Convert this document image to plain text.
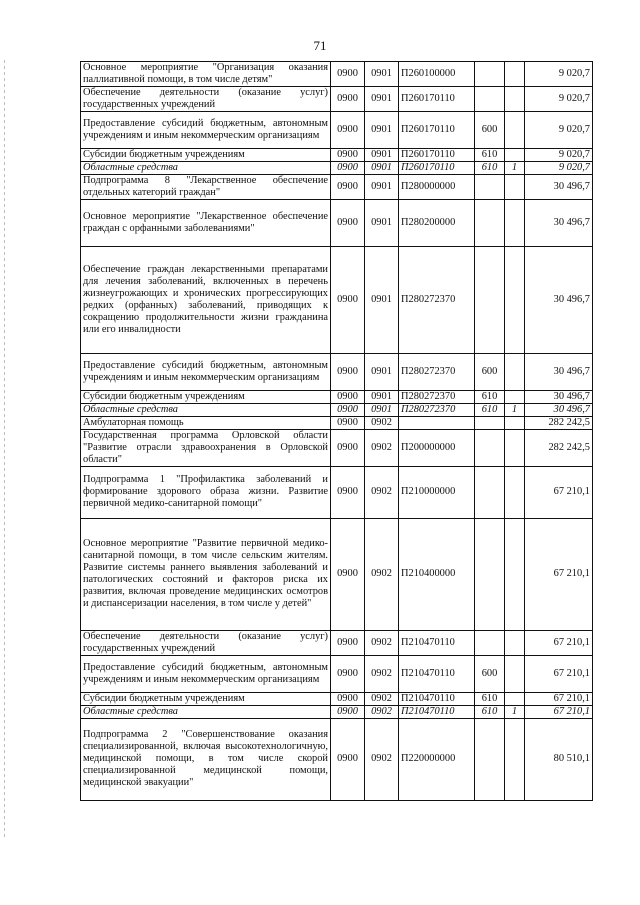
71
Основное мероприятие "Организация оказания паллиативной помощи, в том числе детям"	0900	0901	П260100000			9 020,7
Обеспечение деятельности (оказание услуг) государственных учреждений	0900	0901	П260170110			9 020,7
Предоставление субсидий бюджетным, автономным учреждениям и иным некоммерческим организациям	0900	0901	П260170110	600		9 020,7
Субсидии бюджетным учреждениям	0900	0901	П260170110	610		9 020,7
Областные средства	0900	0901	П260170110	610	1	9 020,7
Подпрограмма 8 "Лекарственное обеспечение отдельных категорий граждан"	0900	0901	П280000000			30 496,7
Основное мероприятие "Лекарственное обеспечение граждан с орфанными заболеваниями"	0900	0901	П280200000			30 496,7
Обеспечение граждан лекарственными препаратами для лечения заболеваний, включенных в перечень жизнеугрожающих и хронических прогрессирующих редких (орфанных) заболеваний, приводящих к сокращению продолжительности жизни гражданина или его инвалидности	0900	0901	П280272370			30 496,7
Предоставление субсидий бюджетным, автономным учреждениям и иным некоммерческим организациям	0900	0901	П280272370	600		30 496,7
Субсидии бюджетным учреждениям	0900	0901	П280272370	610		30 496,7
Областные средства	0900	0901	П280272370	610	1	30 496,7
Амбулаторная помощь	0900	0902				282 242,5
Государственная программа Орловской области "Развитие отрасли здравоохранения в Орловской области"	0900	0902	П200000000			282 242,5
Подпрограмма 1 "Профилактика заболеваний и формирование здорового образа жизни. Развитие первичной медико-санитарной помощи"	0900	0902	П210000000			67 210,1
Основное мероприятие "Развитие первичной медико-санитарной помощи, в том числе сельским жителям. Развитие системы раннего выявления заболеваний и патологических состояний и факторов риска их развития, включая проведение медицинских осмотров и диспансеризации населения, в том числе у детей"	0900	0902	П210400000			67 210,1
Обеспечение деятельности (оказание услуг) государственных учреждений	0900	0902	П210470110			67 210,1
Предоставление субсидий бюджетным, автономным учреждениям и иным некоммерческим организациям	0900	0902	П210470110	600		67 210,1
Субсидии бюджетным учреждениям	0900	0902	П210470110	610		67 210,1
Областные средства	0900	0902	П210470110	610	1	67 210,1
Подпрограмма 2 "Совершенствование оказания специализированной, включая высокотехнологичную, медицинской помощи, в том числе скорой специализированной медицинской помощи, медицинской эвакуации"	0900	0902	П220000000			80 510,1
